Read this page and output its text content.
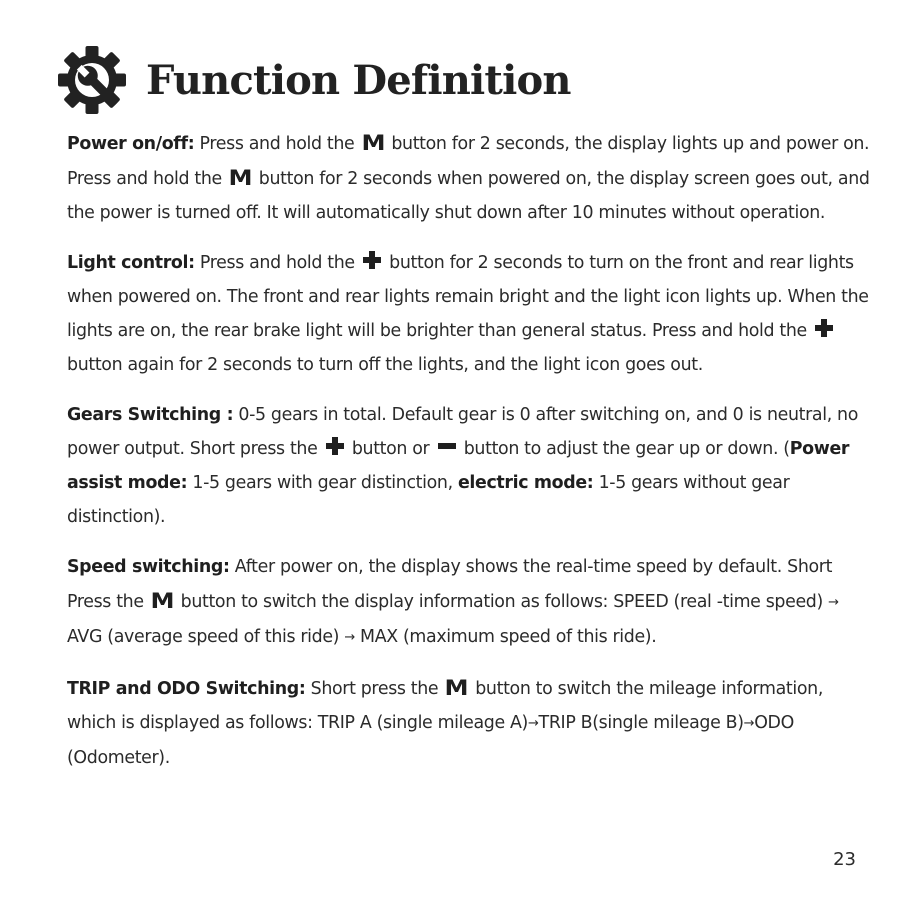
Function Definition

Power on/off: Press and hold the M button for 2 seconds, the display lights up and power on. Press and hold the M button for 2 seconds when powered on, the display screen goes out, and the power is turned off. It will automatically shut down after 10 minutes without operation.

Light control: Press and hold the button for 2 seconds to turn on the front and rear lights when powered on. The front and rear lights remain bright and the light icon lights up. When the lights are on, the rear brake light will be brighter than general status. Press and hold the  button again for 2 seconds to turn off the lights, and the light icon goes out.

Gears Switching : 0-5 gears in total. Default gear is 0 after switching on, and 0 is neutral, no power output. Short press the button or button to adjust the gear up or down. (Power assist mode: 1-5 gears with gear distinction, electric mode: 1-5 gears without gear distinction).

Speed switching: After power on, the display shows the real-time speed by default. Short Press the M button to switch the display information as follows: SPEED (real -time speed) → AVG (average speed of this ride) → MAX (maximum speed of this ride).

TRIP and ODO Switching: Short press the M button to switch the mileage information, which is displayed as follows: TRIP A (single mileage A)→TRIP B(single mileage B)→ODO (Odometer).

23
